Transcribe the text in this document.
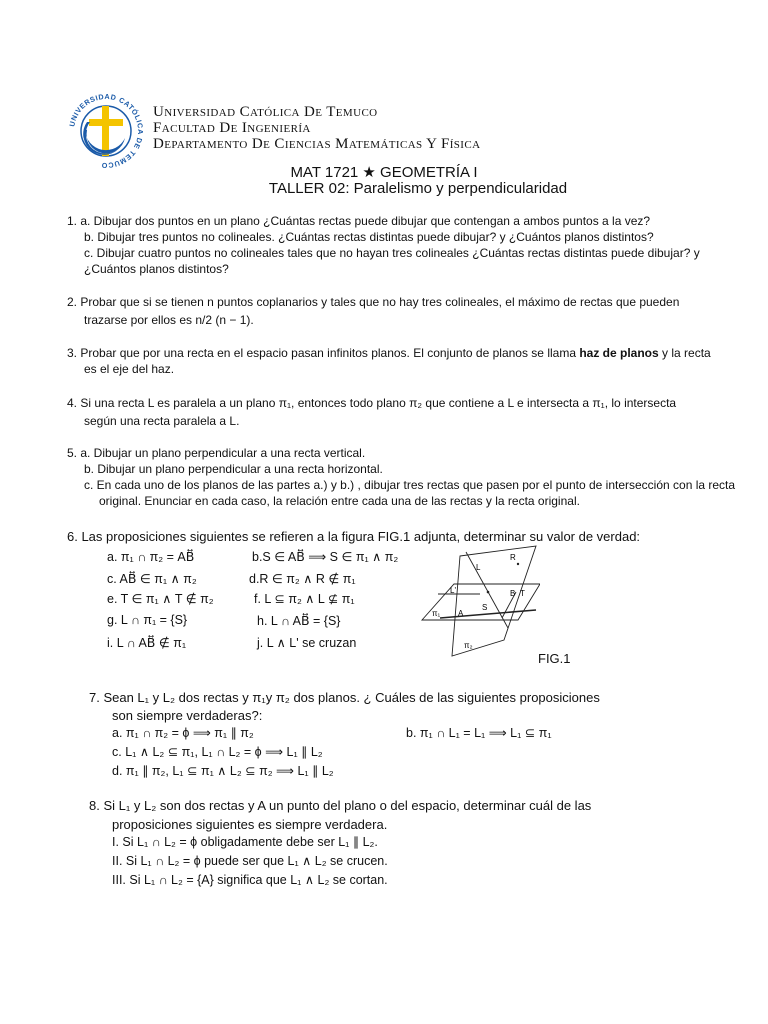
UNIVERSIDAD CATÓLICA DE TEMUCO
Universidad Católica De Temuco
Facultad De Ingeniería
Departamento De Ciencias Matemáticas Y Física
MAT 1721 ★ GEOMETRÍA I
TALLER 02: Paralelismo y perpendicularidad
1. a. Dibujar dos puntos en un plano ¿Cuántas rectas puede dibujar que contengan a ambos puntos a la vez?
b. Dibujar tres puntos no colineales. ¿Cuántas rectas distintas puede dibujar? y ¿Cuántos planos distintos?
c. Dibujar cuatro puntos no colineales tales que no hayan tres colineales ¿Cuántas rectas distintas puede dibujar? y
¿Cuántos planos distintos?
2. Probar que si se tienen n puntos coplanarios y tales que no hay tres colineales, el máximo de rectas que pueden
trazarse por ellos es n/2 (n − 1).
3. Probar que por una recta en el espacio pasan infinitos planos. El conjunto de planos se llama haz de planos y la recta
es el eje del haz.
4. Si una recta L es paralela a un plano π₁, entonces todo plano π₂ que contiene a L e intersecta a π₁, lo intersecta
según una recta paralela a L.
5. a. Dibujar un plano perpendicular a una recta vertical.
b. Dibujar un plano perpendicular a una recta horizontal.
c. En cada uno de los planos de las partes a.) y b.) , dibujar tres rectas que pasen por el punto de intersección con la recta
original. Enunciar en cada caso, la relación entre cada una de las rectas y la recta original.
6. Las proposiciones siguientes se refieren a la figura FIG.1 adjunta, determinar su valor de verdad:
a. π₁ ∩ π₂ = AB⃡	b.S ∈ AB⃡ ⟹ S ∈ π₁ ∧ π₂
c. AB⃡ ∈ π₁ ∧ π₂	d.R ∈ π₂ ∧ R ∉ π₁
e. T ∈ π₁ ∧ T ∉ π₂	f. L ⊆ π₂ ∧ L ⊈ π₁
g. L ∩ π₁ = {S}	h. L ∩ AB⃡ = {S}
i. L ∩ AB⃡ ∉ π₁	j. L ∧ L' se cruzan
L
R
L'	B T
S
A
π₁
π₂
FIG.1
7. Sean L₁ y L₂ dos rectas y π₁y π₂ dos planos. ¿ Cuáles de las siguientes proposiciones
son siempre verdaderas?:
a. π₁ ∩ π₂ = ϕ ⟹ π₁ ∥ π₂	b. π₁ ∩ L₁ = L₁ ⟹ L₁ ⊆ π₁
c. L₁ ∧ L₂ ⊆ π₁, L₁ ∩ L₂ = ϕ ⟹ L₁ ∥ L₂
d. π₁ ∥ π₂, L₁ ⊆ π₁ ∧ L₂ ⊆ π₂ ⟹ L₁ ∥ L₂
8. Si L₁ y L₂ son dos rectas y A un punto del plano o del espacio, determinar cuál de las
proposiciones siguientes es siempre verdadera.
I. Si L₁ ∩ L₂ = ϕ obligadamente debe ser L₁ ∥ L₂.
II. Si L₁ ∩ L₂ = ϕ puede ser que L₁ ∧ L₂ se crucen.
III. Si L₁ ∩ L₂ = {A} significa que L₁ ∧ L₂ se cortan.
